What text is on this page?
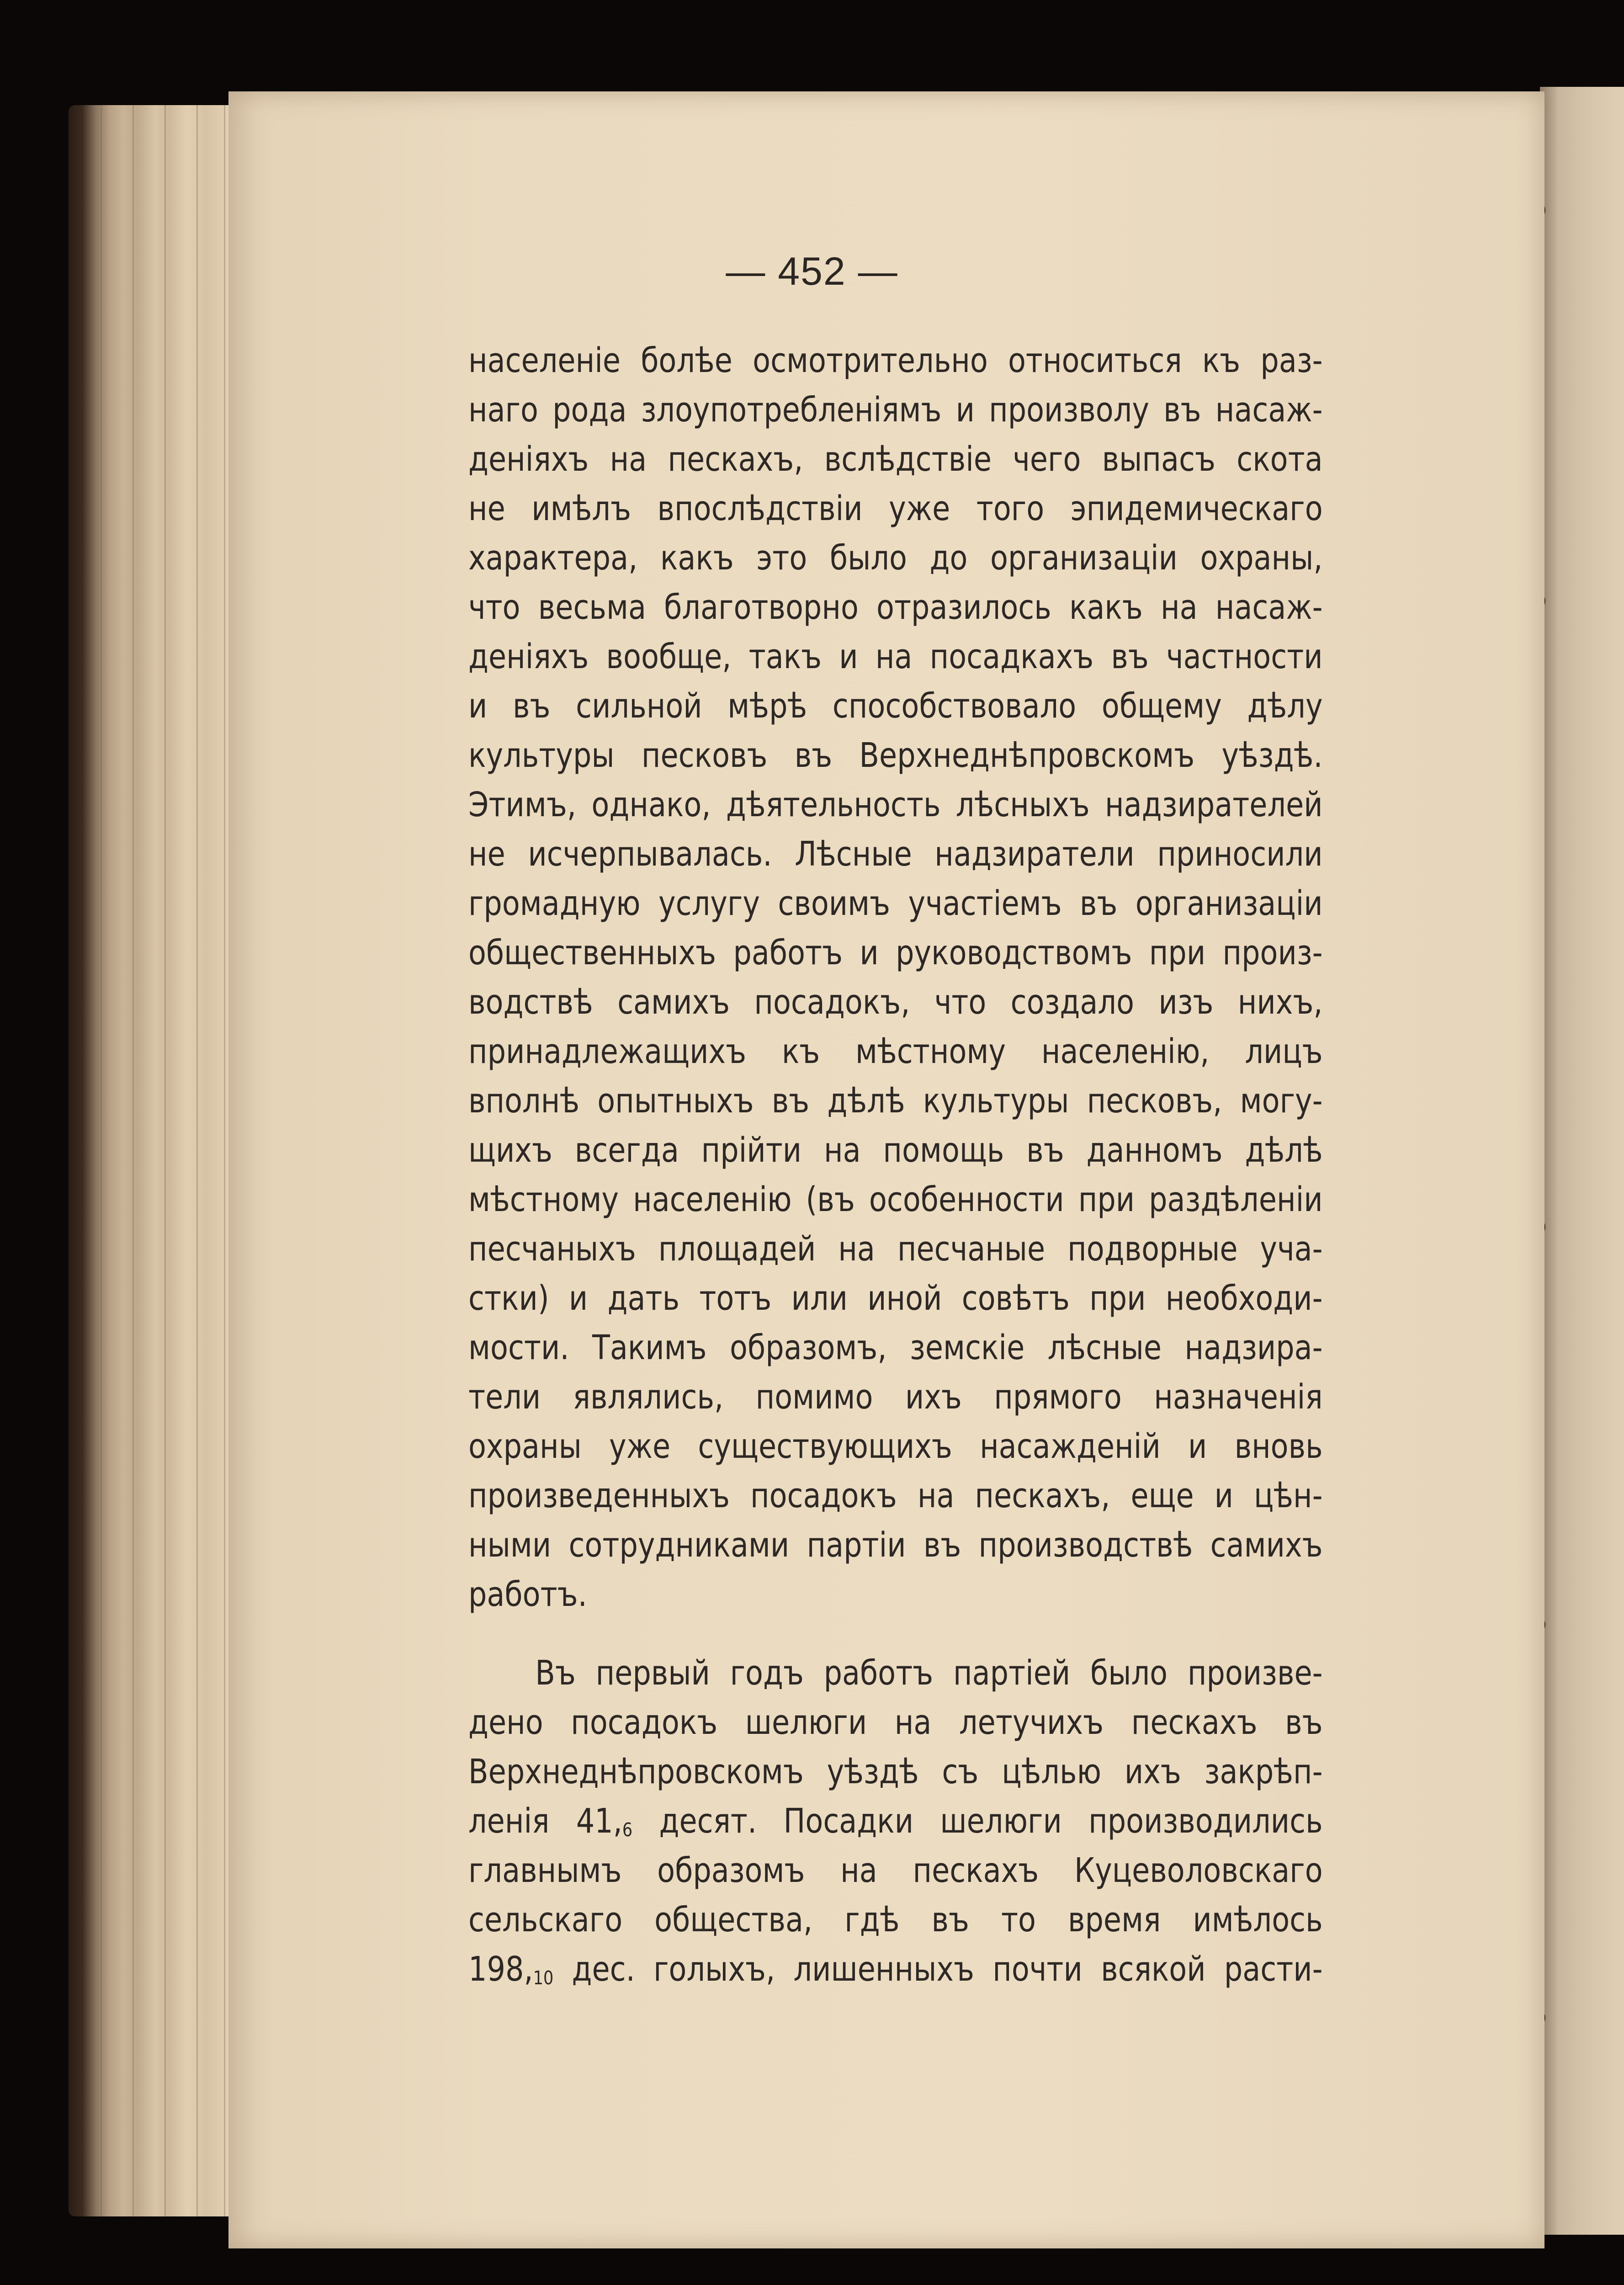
— 452 —
населенiе болѣе осмотрительно относиться къ раз-
наго рода злоупотребленiямъ и произволу въ насаж-
денiяхъ на пескахъ, вслѣдствiе чего выпасъ скота
не имѣлъ впослѣдствiи уже того эпидемическаго
характера, какъ это было до организацiи охраны,
что весьма благотворно отразилось какъ на насаж-
денiяхъ вообще, такъ и на посадкахъ въ частности
и въ сильной мѣрѣ способствовало общему дѣлу
культуры песковъ въ Верхнеднѣпровскомъ уѣздѣ.
Этимъ, однако, дѣятельность лѣсныхъ надзирателей
не исчерпывалась. Лѣсные надзиратели приносили
громадную услугу своимъ участiемъ въ организацiи
общественныхъ работъ и руководствомъ при произ-
водствѣ самихъ посадокъ, что создало изъ нихъ,
принадлежащихъ къ мѣстному населенiю, лицъ
вполнѣ опытныхъ въ дѣлѣ культуры песковъ, могу-
щихъ всегда прiйти на помощь въ данномъ дѣлѣ
мѣстному населенiю (въ особенности при раздѣленiи
песчаныхъ площадей на песчаные подворные уча-
стки) и дать тотъ или иной совѣтъ при необходи-
мости. Такимъ образомъ, земскiе лѣсные надзира-
тели являлись, помимо ихъ прямого назначенiя
охраны уже существующихъ насажденiй и вновь
произведенныхъ посадокъ на пескахъ, еще и цѣн-
ными сотрудниками партiи въ производствѣ самихъ
работъ.
Въ первый годъ работъ партiей было произве-
дено посадокъ шелюги на летучихъ пескахъ въ
Верхнеднѣпровскомъ уѣздѣ съ цѣлью ихъ закрѣп-
ленiя 41,6 десят. Посадки шелюги производились
главнымъ образомъ на пескахъ Куцеволовскаго
сельскаго общества, гдѣ въ то время имѣлось
198,10 дес. голыхъ, лишенныхъ почти всякой расти-
